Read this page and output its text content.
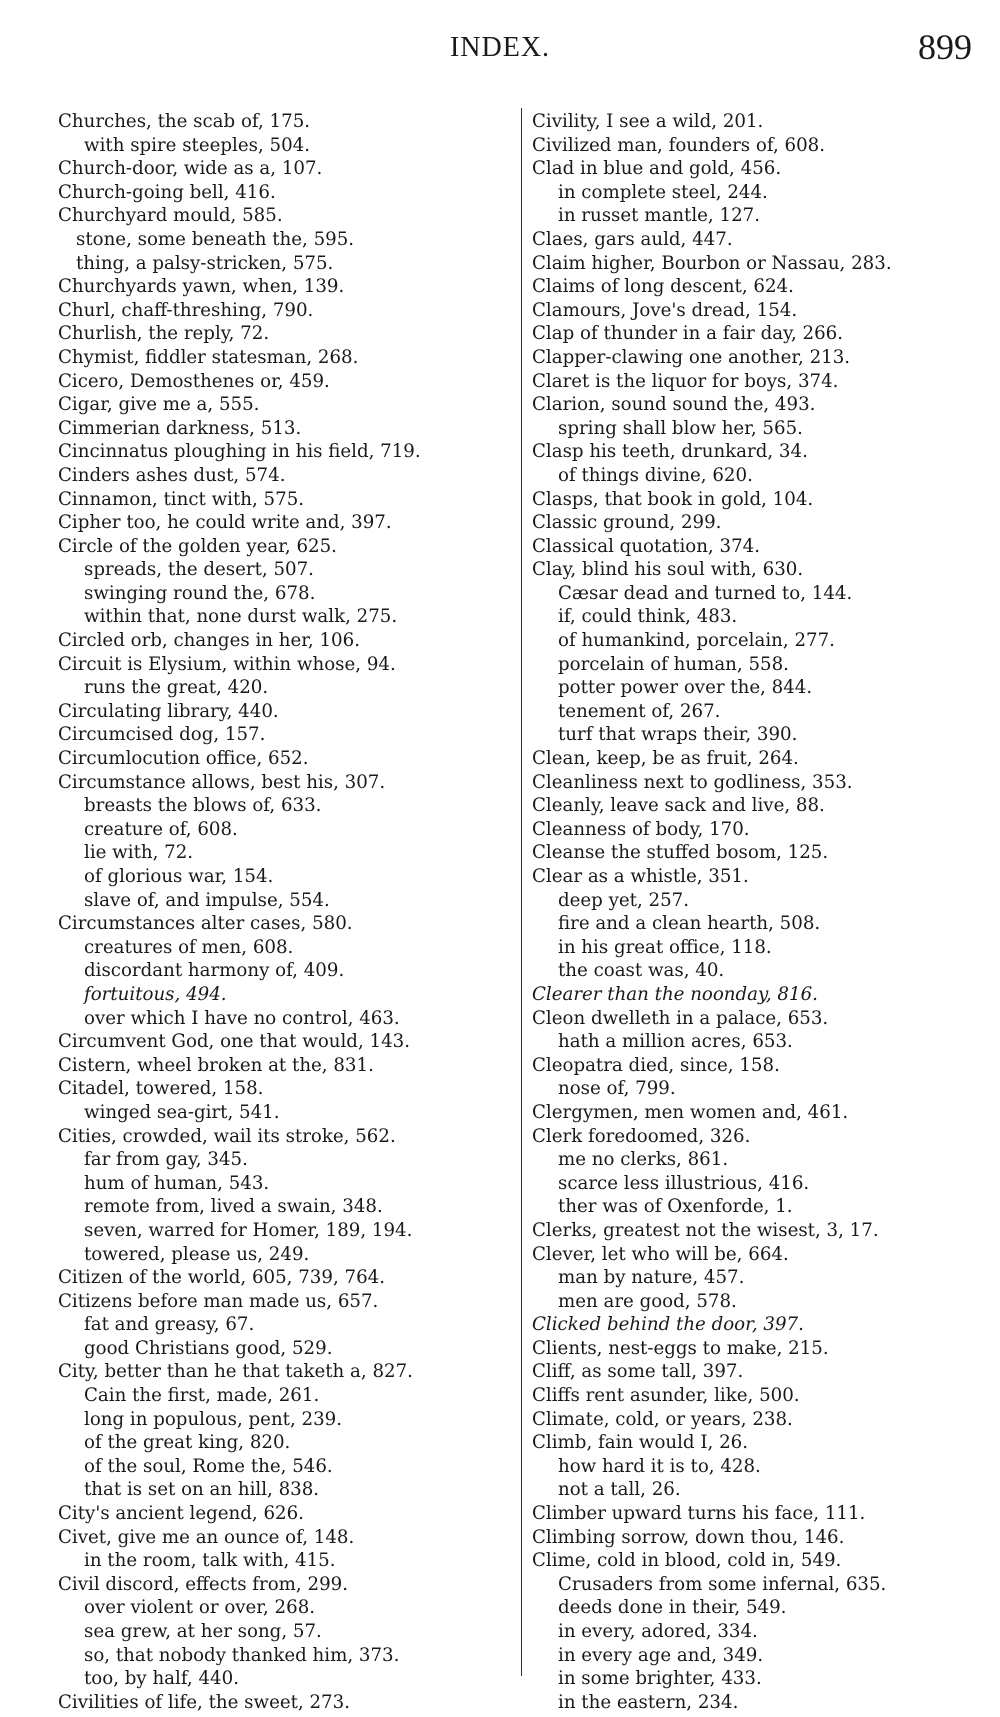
INDEX.	899
Churches, the scab of, 175.
with spire steeples, 504.
Church-door, wide as a, 107.
Church-going bell, 416.
Churchyard mould, 585.
stone, some beneath the, 595.
thing, a palsy-stricken, 575.
Churchyards yawn, when, 139.
Churl, chaff-threshing, 790.
Churlish, the reply, 72.
Chymist, fiddler statesman, 268.
Cicero, Demosthenes or, 459.
Cigar, give me a, 555.
Cimmerian darkness, 513.
Cincinnatus ploughing in his field, 719.
Cinders ashes dust, 574.
Cinnamon, tinct with, 575.
Cipher too, he could write and, 397.
Circle of the golden year, 625.
spreads, the desert, 507.
swinging round the, 678.
within that, none durst walk, 275.
Circled orb, changes in her, 106.
Circuit is Elysium, within whose, 94.
runs the great, 420.
Circulating library, 440.
Circumcised dog, 157.
Circumlocution office, 652.
Circumstance allows, best his, 307.
breasts the blows of, 633.
creature of, 608.
lie with, 72.
of glorious war, 154.
slave of, and impulse, 554.
Circumstances alter cases, 580.
creatures of men, 608.
discordant harmony of, 409.
fortuitous, 494.
over which I have no control, 463.
Circumvent God, one that would, 143.
Cistern, wheel broken at the, 831.
Citadel, towered, 158.
winged sea-girt, 541.
Cities, crowded, wail its stroke, 562.
far from gay, 345.
hum of human, 543.
remote from, lived a swain, 348.
seven, warred for Homer, 189, 194.
towered, please us, 249.
Citizen of the world, 605, 739, 764.
Citizens before man made us, 657.
fat and greasy, 67.
good Christians good, 529.
City, better than he that taketh a, 827.
Cain the first, made, 261.
long in populous, pent, 239.
of the great king, 820.
of the soul, Rome the, 546.
that is set on an hill, 838.
City's ancient legend, 626.
Civet, give me an ounce of, 148.
in the room, talk with, 415.
Civil discord, effects from, 299.
over violent or over, 268.
sea grew, at her song, 57.
so, that nobody thanked him, 373.
too, by half, 440.
Civilities of life, the sweet, 273.
Civility, I see a wild, 201.
Civilized man, founders of, 608.
Clad in blue and gold, 456.
in complete steel, 244.
in russet mantle, 127.
Claes, gars auld, 447.
Claim higher, Bourbon or Nassau, 283.
Claims of long descent, 624.
Clamours, Jove's dread, 154.
Clap of thunder in a fair day, 266.
Clapper-clawing one another, 213.
Claret is the liquor for boys, 374.
Clarion, sound sound the, 493.
spring shall blow her, 565.
Clasp his teeth, drunkard, 34.
of things divine, 620.
Clasps, that book in gold, 104.
Classic ground, 299.
Classical quotation, 374.
Clay, blind his soul with, 630.
Cæsar dead and turned to, 144.
if, could think, 483.
of humankind, porcelain, 277.
porcelain of human, 558.
potter power over the, 844.
tenement of, 267.
turf that wraps their, 390.
Clean, keep, be as fruit, 264.
Cleanliness next to godliness, 353.
Cleanly, leave sack and live, 88.
Cleanness of body, 170.
Cleanse the stuffed bosom, 125.
Clear as a whistle, 351.
deep yet, 257.
fire and a clean hearth, 508.
in his great office, 118.
the coast was, 40.
Clearer than the noonday, 816.
Cleon dwelleth in a palace, 653.
hath a million acres, 653.
Cleopatra died, since, 158.
nose of, 799.
Clergymen, men women and, 461.
Clerk foredoomed, 326.
me no clerks, 861.
scarce less illustrious, 416.
ther was of Oxenforde, 1.
Clerks, greatest not the wisest, 3, 17.
Clever, let who will be, 664.
man by nature, 457.
men are good, 578.
Clicked behind the door, 397.
Clients, nest-eggs to make, 215.
Cliff, as some tall, 397.
Cliffs rent asunder, like, 500.
Climate, cold, or years, 238.
Climb, fain would I, 26.
how hard it is to, 428.
not a tall, 26.
Climber upward turns his face, 111.
Climbing sorrow, down thou, 146.
Clime, cold in blood, cold in, 549.
Crusaders from some infernal, 635.
deeds done in their, 549.
in every, adored, 334.
in every age and, 349.
in some brighter, 433.
in the eastern, 234.
